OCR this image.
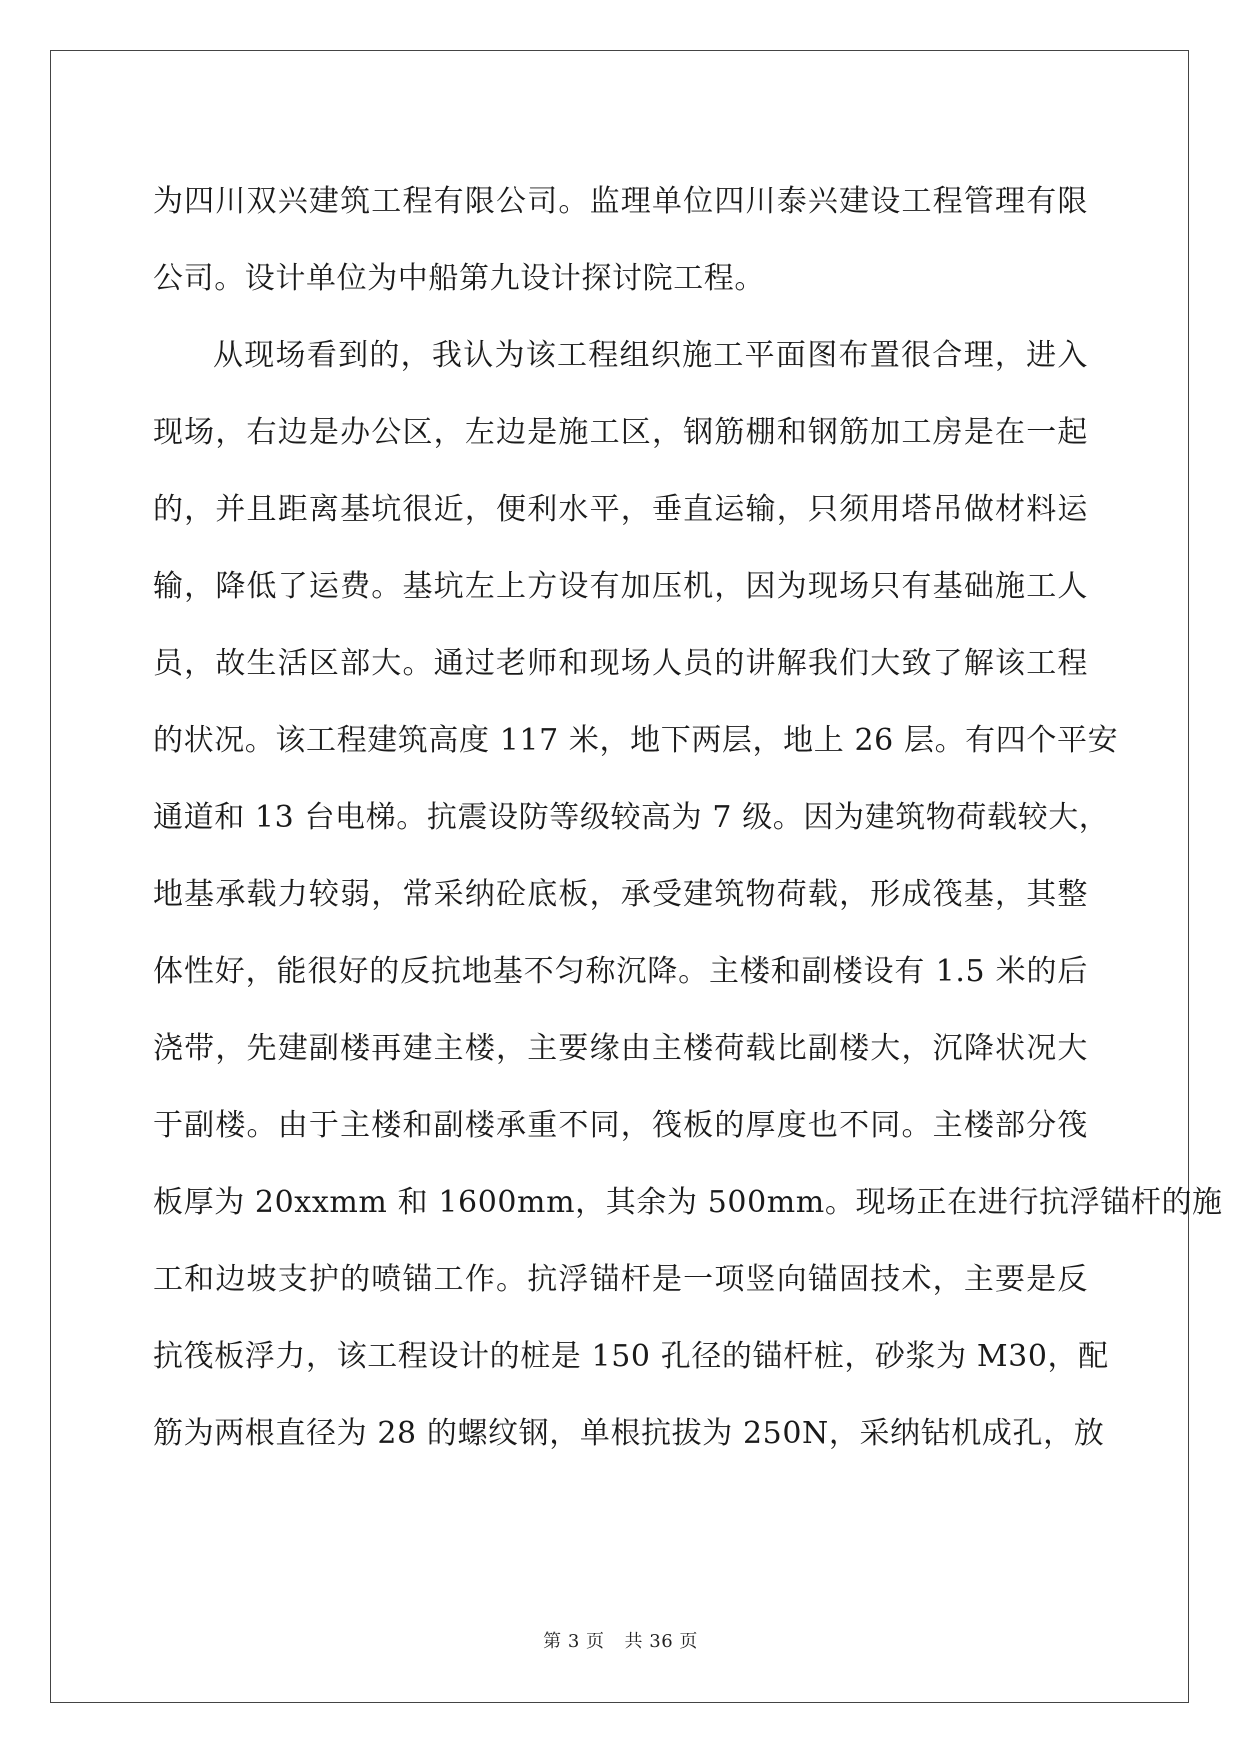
为四川双兴建筑工程有限公司。监理单位四川泰兴建设工程管理有限
公司。设计单位为中船第九设计探讨院工程。

从现场看到的，我认为该工程组织施工平面图布置很合理，进入
现场，右边是办公区，左边是施工区，钢筋棚和钢筋加工房是在一起
的，并且距离基坑很近，便利水平，垂直运输，只须用塔吊做材料运
输，降低了运费。基坑左上方设有加压机，因为现场只有基础施工人
员，故生活区部大。通过老师和现场人员的讲解我们大致了解该工程
的状况。该工程建筑高度 117 米，地下两层，地上 26 层。有四个平安
通道和 13 台电梯。抗震设防等级较高为 7 级。因为建筑物荷载较大，
地基承载力较弱，常采纳砼底板，承受建筑物荷载，形成筏基，其整
体性好，能很好的反抗地基不匀称沉降。主楼和副楼设有 1.5 米的后
浇带，先建副楼再建主楼，主要缘由主楼荷载比副楼大，沉降状况大
于副楼。由于主楼和副楼承重不同，筏板的厚度也不同。主楼部分筏
板厚为 20xxmm 和 1600mm，其余为 500mm。现场正在进行抗浮锚杆的施
工和边坡支护的喷锚工作。抗浮锚杆是一项竖向锚固技术，主要是反
抗筏板浮力，该工程设计的桩是 150 孔径的锚杆桩，砂浆为 M30，配
筋为两根直径为 28 的螺纹钢，单根抗拔为 250N，采纳钻机成孔，放

第 3 页 共 36 页
